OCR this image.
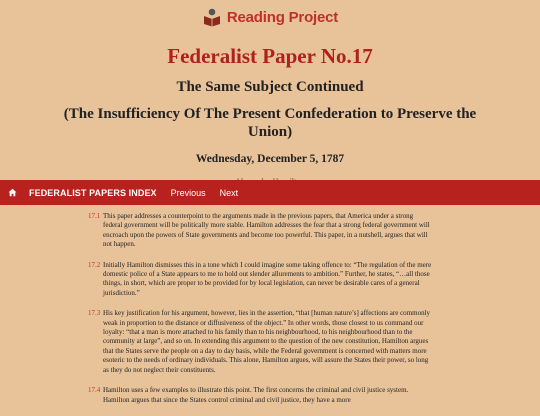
Reading Project
Federalist Paper No.17
The Same Subject Continued
(The Insufficiency Of The Present Confederation to Preserve the Union)
Wednesday, December 5, 1787
FEDERALIST PAPERS INDEX	Previous	Next
17.1 This paper addresses a counterpoint to the arguments made in the previous papers, that America under a strong federal government will be politically more stable. Hamilton addresses the fear that a strong federal government will encroach upon the powers of State governments and become too powerful. This paper, in a nutshell, argues that will not happen.
17.2 Initially Hamilton dismisses this in a tone which I could imagine some taking offence to: “The regulation of the mere domestic police of a State appears to me to hold out slender allurements to ambition.” Further, he states, “…all those things, in short, which are proper to be provided for by local legislation, can never be desirable cares of a general jurisdiction.”
17.3 His key justification for his argument, however, lies in the assertion, “that [human nature’s] affections are commonly weak in proportion to the distance or diffusiveness of the object.” In other words, those closest to us command our loyalty: “that a man is more attached to his family than to his neighbourhood, to his neighbourhood than to the community at large”, and so on. In extending this argument to the question of the new constitution, Hamilton argues that the States serve the people on a day to day basis, while the Federal government is concerned with matters more esoteric to the needs of ordinary individuals. This alone, Hamilton argues, will assure the States their power, so long as they do not neglect their constituents.
17.4 Hamilton uses a few examples to illustrate this point. The first concerns the criminal and civil justice system. Hamilton argues that since the States control criminal and civil justice, they have a more
